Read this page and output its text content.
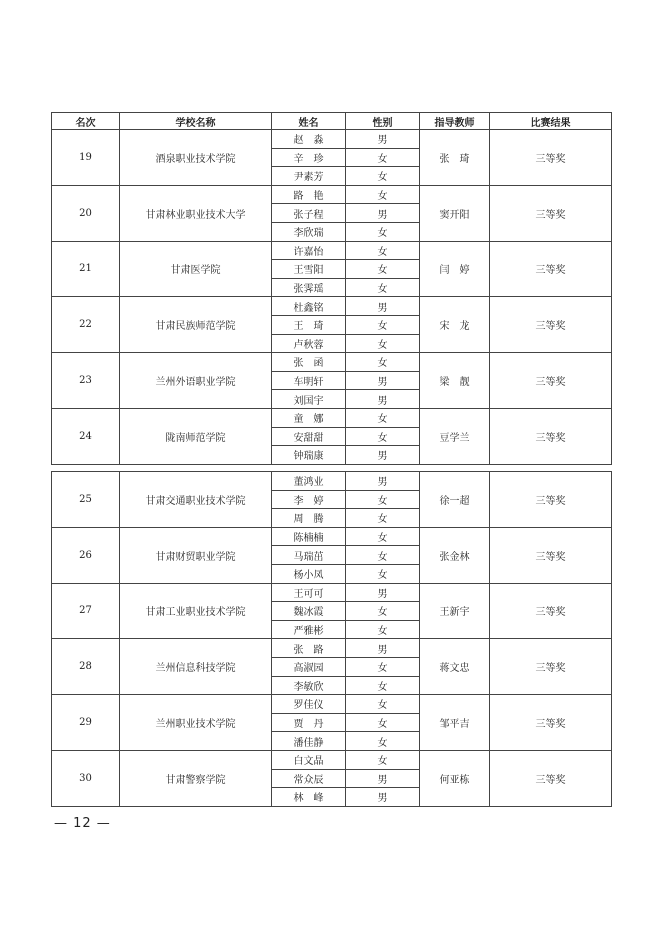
名次	学校名称	姓名	性别	指导教师	比赛结果
19	酒泉职业技术学院	赵　淼	男	张　琦	三等奖
		辛　珍	女		
		尹素芳	女		
20	甘肃林业职业技术大学	路　艳	女	窦开阳	三等奖
		张子程	男		
		李欣瑞	女		
21	甘肃医学院	许嘉怡	女	闫　婷	三等奖
		王雪阳	女		
		张霁瑶	女		
22	甘肃民族师范学院	杜鑫铭	男	宋　龙	三等奖
		王　琦	女		
		卢秋蓉	女		
23	兰州外语职业学院	张　函	女	梁　靓	三等奖
		车明轩	男		
		刘国宇	男		
24	陇南师范学院	童　娜	女	豆学兰	三等奖
		安甜甜	女		
		钟瑞康	男		
25	甘肃交通职业技术学院	董鸿业	男	徐一超	三等奖
		李　婷	女		
		周　腾	女		
26	甘肃财贸职业学院	陈楠楠	女	张金林	三等奖
		马瑞茁	女		
		杨小凤	女		
27	甘肃工业职业技术学院	王可可	男	王新宇	三等奖
		魏冰霞	女		
		严雅彬	女		
28	兰州信息科技学院	张　路	男	蒋文忠	三等奖
		高淑园	女		
		李敏欣	女		
29	兰州职业技术学院	罗佳仪	女	邹平吉	三等奖
		贾　丹	女		
		潘佳静	女		
30	甘肃警察学院	白文晶	女	何亚栋	三等奖
		常众辰	男		
		林　峰	男		
— 12 —
